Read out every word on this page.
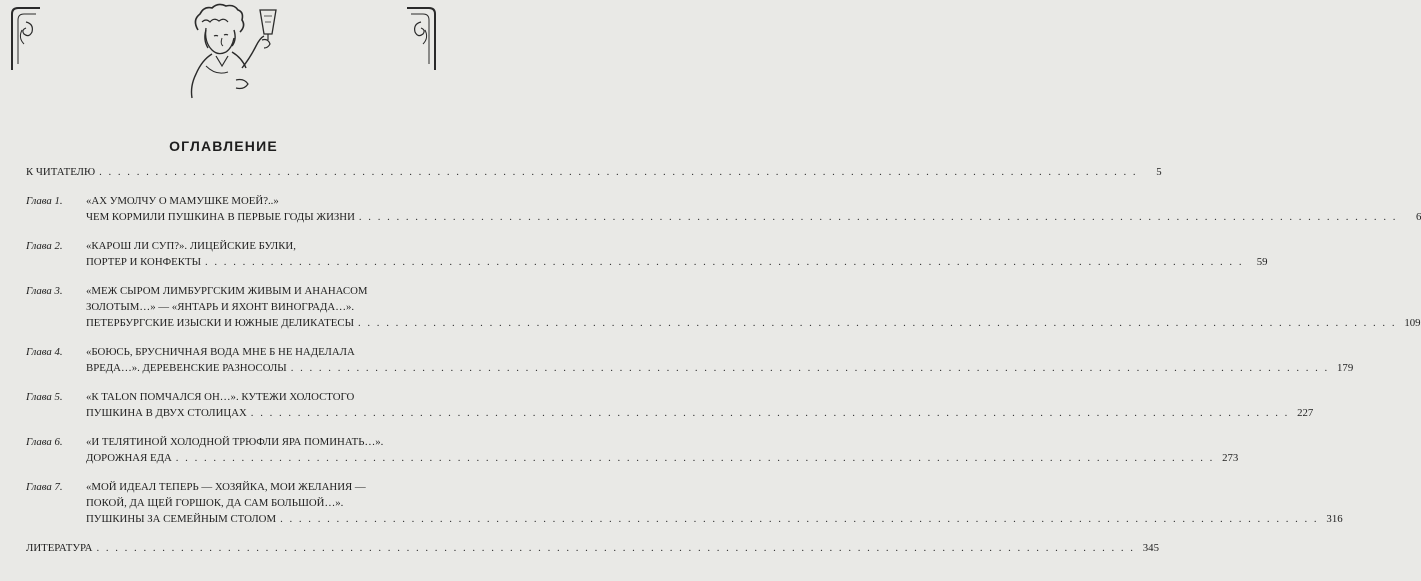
ОГЛАВЛЕНИЕ
К ЧИТАТЕЛЮ . . .	5
Глава 1.	«АХ УМОЛЧУ О МАМУШКЕ МОЕЙ?..»
ЧЕМ КОРМИЛИ ПУШКИНА В ПЕРВЫЕ ГОДЫ ЖИЗНИ . . .	6
Глава 2.	«КАРОШ ЛИ СУП?». ЛИЦЕЙСКИЕ БУЛКИ,
ПОРТЕР И КОНФЕКТЫ . . .	59
Глава 3.	«МЕЖ СЫРОМ ЛИМБУРГСКИМ ЖИВЫМ И АНАНАСОМ
ЗОЛОТЫМ…» — «ЯНТАРЬ И ЯХОНТ ВИНОГРАДА…».
ПЕТЕРБУРГСКИЕ ИЗЫСКИ И ЮЖНЫЕ ДЕЛИКАТЕСЫ . . .	109
Глава 4.	«БОЮСЬ, БРУСНИЧНАЯ ВОДА МНЕ Б НЕ НАДЕЛАЛА
ВРЕДА…». ДЕРЕВЕНСКИЕ РАЗНОСОЛЫ . . .	179
Глава 5.	«К TALON ПОМЧАЛСЯ ОН…». КУТЕЖИ ХОЛОСТОГО
ПУШКИНА В ДВУХ СТОЛИЦАХ . . .	227
Глава 6.	«И ТЕЛЯТИНОЙ ХОЛОДНОЙ ТРЮФЛИ ЯРА ПОМИНАТЬ…».
ДОРОЖНАЯ ЕДА . . .	273
Глава 7.	«МОЙ ИДЕАЛ ТЕПЕРЬ — ХОЗЯЙКА, МОИ ЖЕЛАНИЯ —
ПОКОЙ, ДА ЩЕЙ ГОРШОК, ДА САМ БОЛЬШОЙ…».
ПУШКИНЫ ЗА СЕМЕЙНЫМ СТОЛОМ . . .	316
ЛИТЕРАТУРА . . .	345
